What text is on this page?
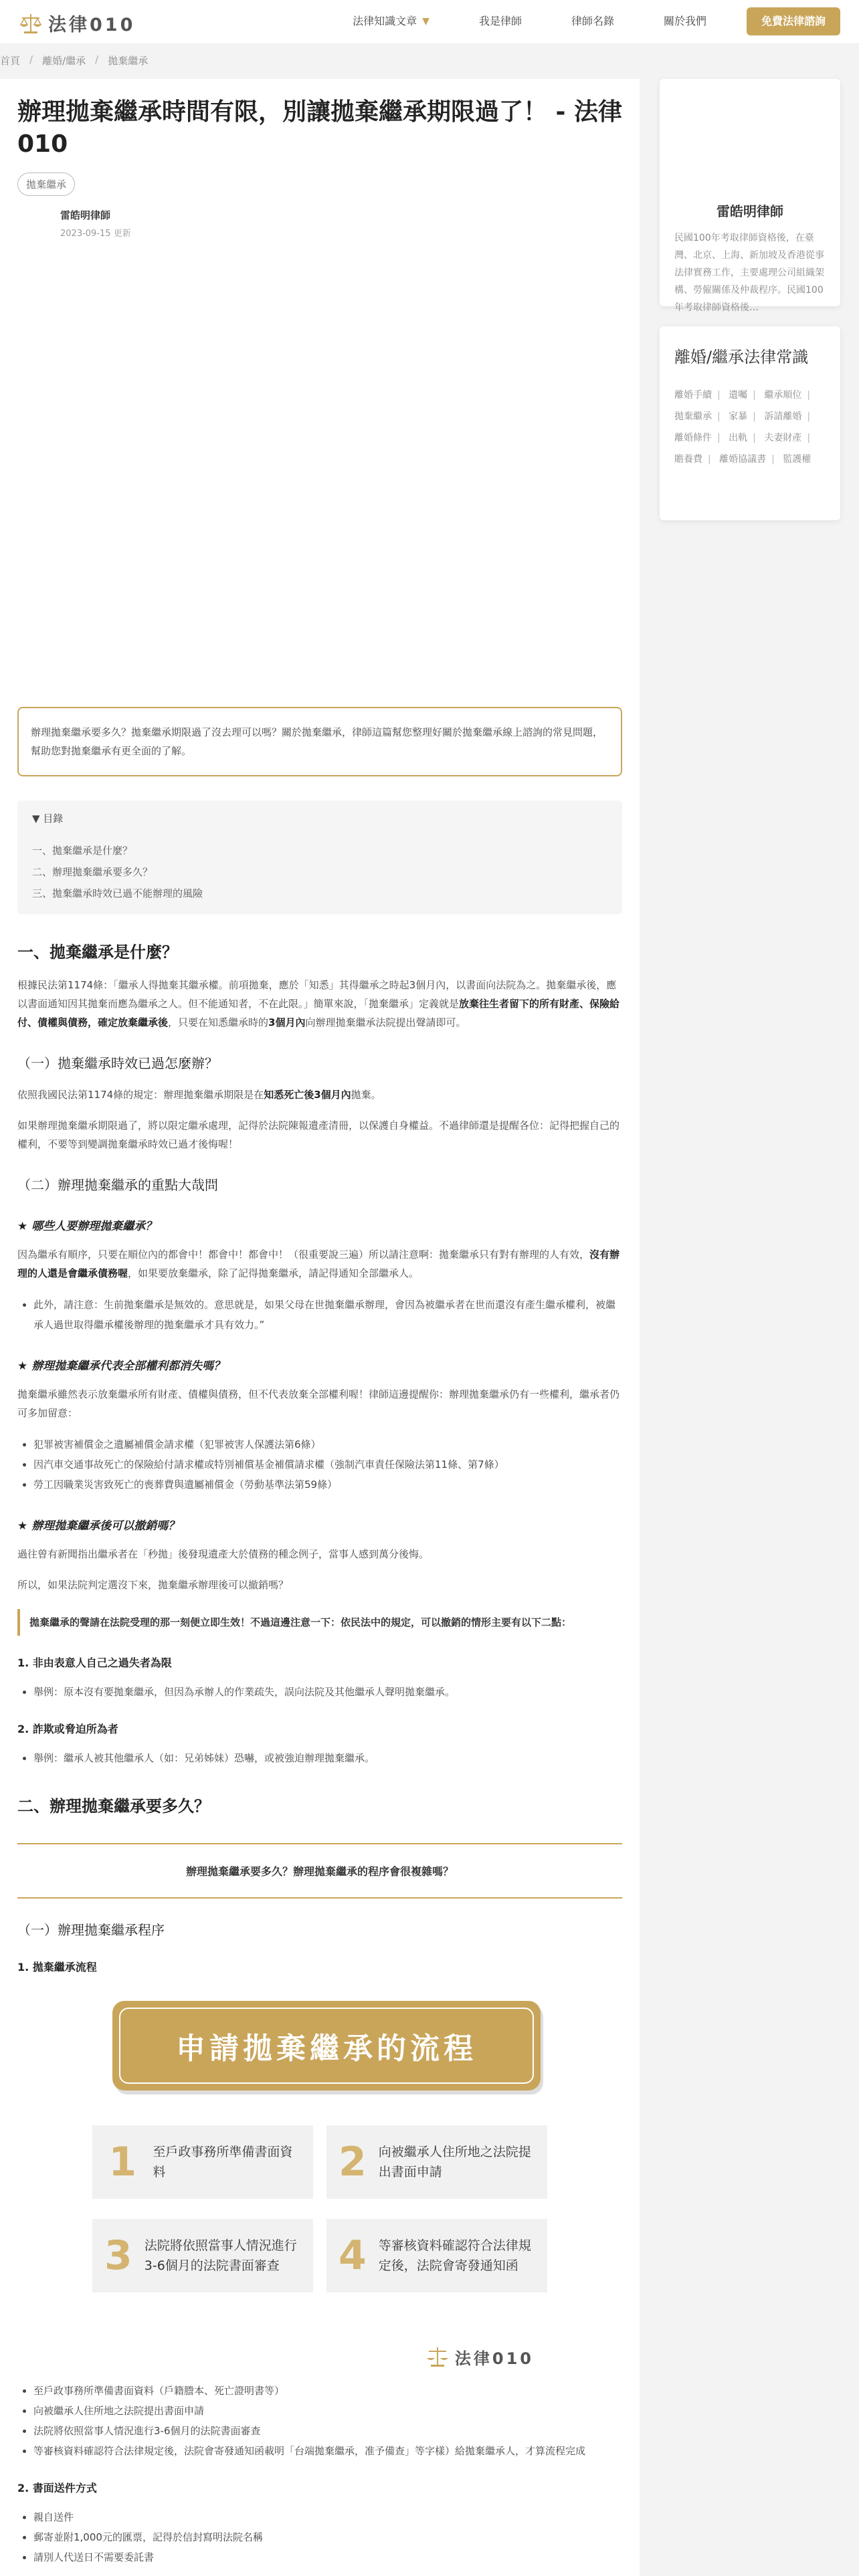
法律010	法律知識文章 ▼	我是律師	律師名錄	關於我們	免費法律諮詢
首頁 / 離婚/繼承 / 拋棄繼承
辦理拋棄繼承時間有限，別讓拋棄繼承期限過了！ - 法律010
拋棄繼承
雷皓明律師
2023-09-15 更新
辦理拋棄繼承要多久？拋棄繼承期限過了沒去理可以嗎？關於拋棄繼承，律師這篇幫您整理好關於拋棄繼承線上諮詢的常見問題，幫助您對拋棄繼承有更全面的了解。
▼ 目錄
一、拋棄繼承是什麼？
二、辦理拋棄繼承要多久？
三、拋棄繼承時效已過不能辦理的風險
一、拋棄繼承是什麼？

根據民法第1174條：「繼承人得拋棄其繼承權。前項拋棄，應於「知悉」其得繼承之時起3個月內，以書面向法院為之。拋棄繼承後，應以書面通知因其拋棄而應為繼承之人。但不能通知者，不在此限。」簡單來說，「拋棄繼承」定義就是放棄往生者留下的所有財產、保險給付、債權與債務，確定放棄繼承後，只要在知悉繼承時的3個月內向辦理拋棄繼承法院提出聲請即可。

（一）拋棄繼承時效已過怎麼辦？

依照我國民法第1174條的規定：辦理拋棄繼承期限是在知悉死亡後3個月內拋棄。

如果辦理拋棄繼承期限過了，將以限定繼承處理，記得於法院陳報遺產清冊，以保護自身權益。不過律師還是提醒各位：記得把握自己的權利，不要等到變調拋棄繼承時效已過才後悔喔！

（二）辦理拋棄繼承的重點大哉問
★ 哪些人要辦理拋棄繼承？

因為繼承有順序，只要在順位內的都會中！都會中！都會中！（很重要說三遍）所以請注意啊：拋棄繼承只有對有辦理的人有效，沒有辦理的人還是會繼承債務喔，如果要放棄繼承，除了記得拋棄繼承，請記得通知全部繼承人。

• 此外，請注意：生前拋棄繼承是無效的。意思就是，如果父母在世拋棄繼承辦理，會因為被繼承者在世而還沒有產生繼承權利，被繼承人過世取得繼承權後辦理的拋棄繼承才具有效力。”
★ 辦理拋棄繼承代表全部權利都消失嗎？

拋棄繼承雖然表示放棄繼承所有財產、債權與債務，但不代表放棄全部權利喔！律師這邊提醒你：辦理拋棄繼承仍有一些權利，繼承者仍可多加留意：

• 犯罪被害補償金之遺屬補償金請求權（犯罪被害人保護法第6條）
• 因汽車交通事故死亡的保險給付請求權或特別補償基金補償請求權（強制汽車責任保險法第11條、第7條）
• 勞工因職業災害致死亡的喪葬費與遺屬補償金（勞動基準法第59條）
★ 辦理拋棄繼承後可以撤銷嗎？

過往曾有新聞指出繼承者在「秒拋」後發現遺產大於債務的種念例子，當事人感到萬分後悔。

所以，如果法院判定選沒下來，拋棄繼承辦理後可以撤銷嗎？

拋棄繼承的聲請在法院受理的那一刻便立即生效！不過這邊注意一下：依民法中的規定，可以撤銷的情形主要有以下二點：
1. 非由表意人自己之過失者為限
• 舉例：原本沒有要拋棄繼承，但因為承辦人的作業疏失，誤向法院及其他繼承人聲明拋棄繼承。
2. 詐欺或脅迫所為者
• 舉例：繼承人被其他繼承人（如：兄弟姊妹）恐嚇，或被強迫辦理拋棄繼承。
二、辦理拋棄繼承要多久？
辦理拋棄繼承要多久？辦理拋棄繼承的程序會很複雜嗎？
（一）辦理拋棄繼承程序
1. 拋棄繼承流程
申請拋棄繼承的流程
1	至戶政事務所準備書面資料	2 向被繼承人住所地之法院提出書面申請
3 法院將依照當事人情況進行3-6個月的法院書面審查	4 等審核資料確認符合法律規定後，法院會寄發通知函
法律010
• 至戶政事務所準備書面資料（戶籍謄本、死亡證明書等）
• 向被繼承人住所地之法院提出書面申請
• 法院將依照當事人情況進行3-6個月的法院書面審查
• 等審核資料確認符合法律規定後，法院會寄發通知函載明「台端拋棄繼承，准予備查」等字樣）給拋棄繼承人，才算流程完成
2. 書面送件方式
• 親自送件
• 郵寄並附1,000元的匯票，記得於信封寫明法院名稱
• 請別人代送日不需要委託書
雷皓明律師
民國100年考取律師資格後，在臺灣、北京、上海、新加坡及香港從事法律實務工作，主要處理公司組織架構、勞僱關係及仲裁程序。民國100年考取律師資格後…
離婚/繼承法律常識
離婚手續 | 遺囑 | 繼承順位 |
拋棄繼承 | 家暴 | 訴請離婚 |
離婚條件 | 出軌 | 夫妻財產 |
贍養費 | 離婚協議書 | 監護權
